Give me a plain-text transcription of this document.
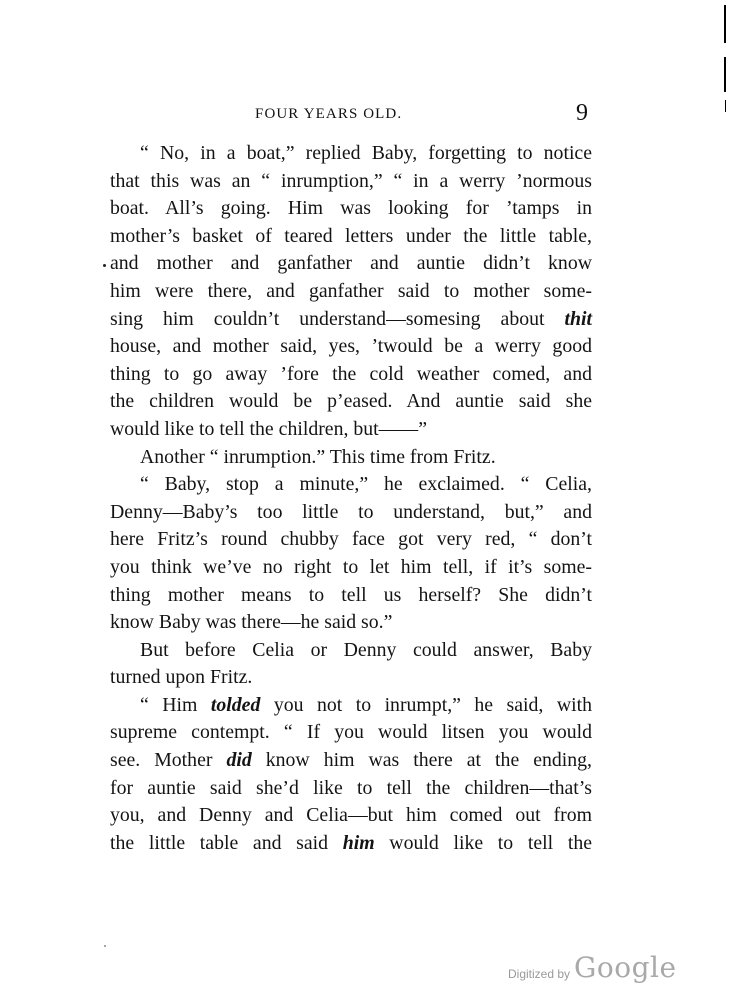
FOUR YEARS OLD.	9
“ No, in a boat,” replied Baby, forgetting to notice
that this was an “ inrumption,” “ in a werry ’normous
boat. All’s going. Him was looking for ’tamps in
mother’s basket of teared letters under the little table,
and mother and ganfather and auntie didn’t know
him were there, and ganfather said to mother some-
sing him couldn’t understand—somesing about thit
house, and mother said, yes, ’twould be a werry good
thing to go away ’fore the cold weather comed, and
the children would be p’eased. And auntie said she
would like to tell the children, but——”
Another “ inrumption.” This time from Fritz.
“ Baby, stop a minute,” he exclaimed. “ Celia,
Denny—Baby’s too little to understand, but,” and
here Fritz’s round chubby face got very red, “ don’t
you think we’ve no right to let him tell, if it’s some-
thing mother means to tell us herself? She didn’t
know Baby was there—he said so.”
But before Celia or Denny could answer, Baby
turned upon Fritz.
“ Him tolded you not to inrumpt,” he said, with
supreme contempt. “ If you would litsen you would
see. Mother did know him was there at the ending,
for auntie said she’d like to tell the children—that’s
you, and Denny and Celia—but him comed out from
the little table and said him would like to tell the
Digitized by Google
